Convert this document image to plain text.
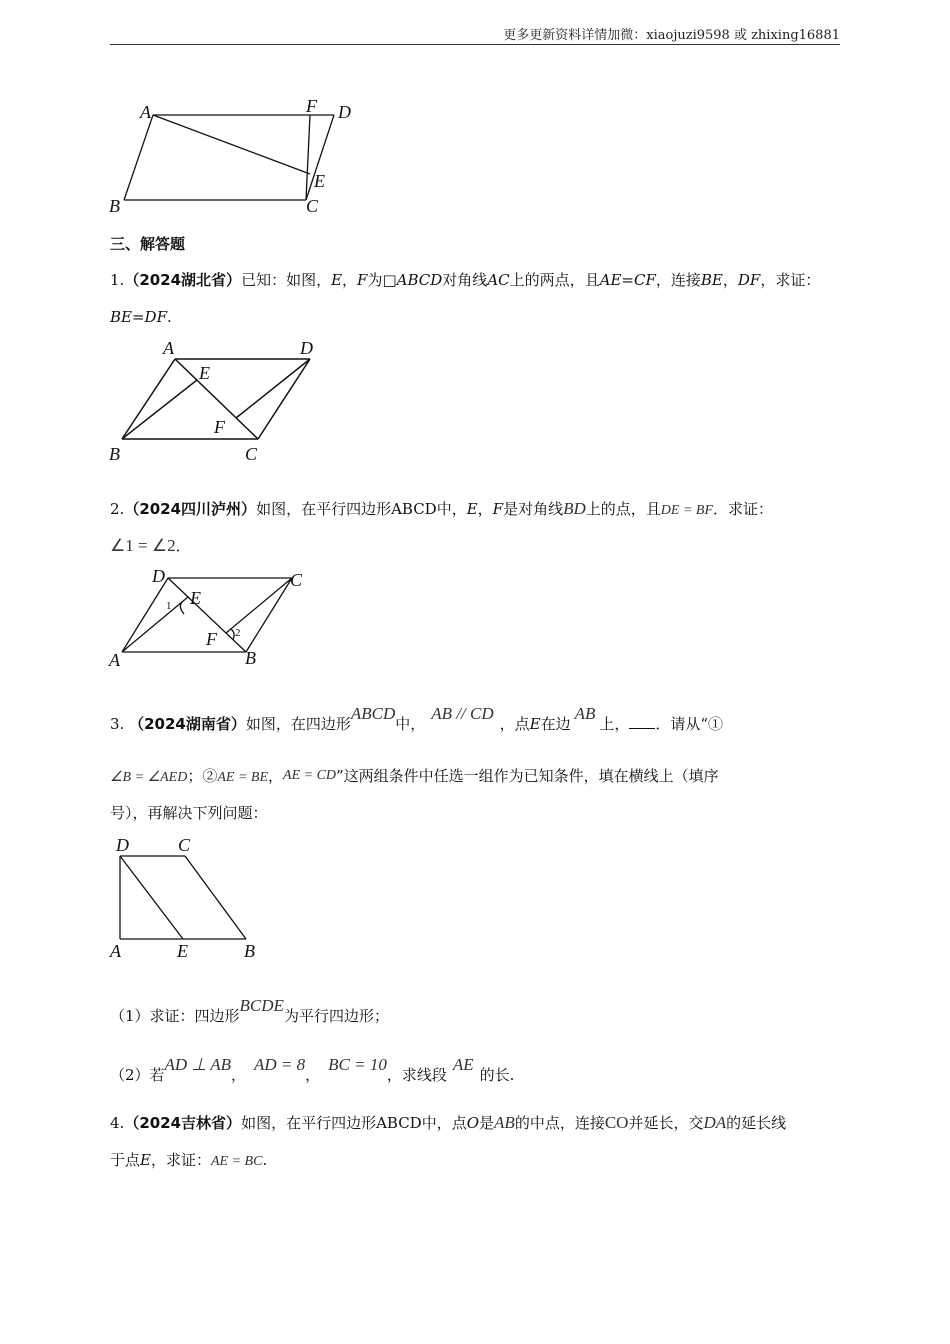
更多更新资料详情加微：xiaojuzi9598 或 zhixing16881
A	F D
E
B	C
三、解答题
1.（2024湖北省）已知：如图，E，F为□ABCD对角线AC上的两点，且AE=CF，连接BE，DF，求证：
BE=DF.
A	D
E
F
B	C
2.（2024四川泸州）如图，在平行四边形ABCD中，E，F是对角线BD上的点，且DE = BF．求证：
∠1 = ∠2．
D	C
E
F
A	B
1
2
3. （2024湖南省）如图，在四边形ABCD中，AB // CD，点E在边AB上， ．请从“①
∠B = ∠AED；②AE = BE，AE = CD”这两组条件中任选一组作为已知条件，填在横线上（填序
号），再解决下列问题：
D	C
A	E	B
（1）求证：四边形BCDE为平行四边形；
（2）若AD ⊥ AB，AD = 8，BC = 10，求线段AE的长.
4.（2024吉林省）如图，在平行四边形ABCD中，点O是AB的中点，连接CO并延长，交DA的延长线
于点E，求证：AE = BC.
